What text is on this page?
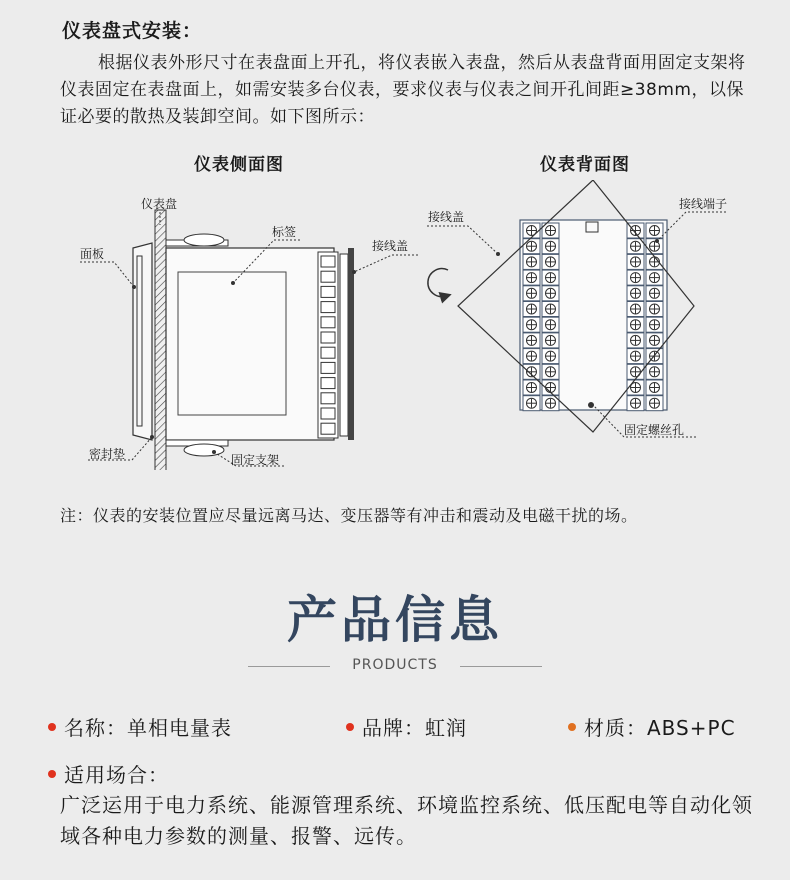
仪表盘式安装：
根据仪表外形尺寸在表盘面上开孔，将仪表嵌入表盘，然后从表盘背面用固定支架将仪表固定在表盘面上，如需安装多台仪表，要求仪表与仪表之间开孔间距≥38mm，以保证必要的散热及装卸空间。如下图所示：
仪表侧面图	仪表背面图
仪表盘
面板
标签
接线盖
密封垫	固定支架
接线盖
接线端子
固定螺丝孔
注：仪表的安装位置应尽量远离马达、变压器等有冲击和震动及电磁干扰的场。
产品信息
PRODUCTS
名称：单相电量表	品牌：虹润	材质：ABS+PC
适用场合：
广泛运用于电力系统、能源管理系统、环境监控系统、低压配电等自动化领域各种电力参数的测量、报警、远传。
